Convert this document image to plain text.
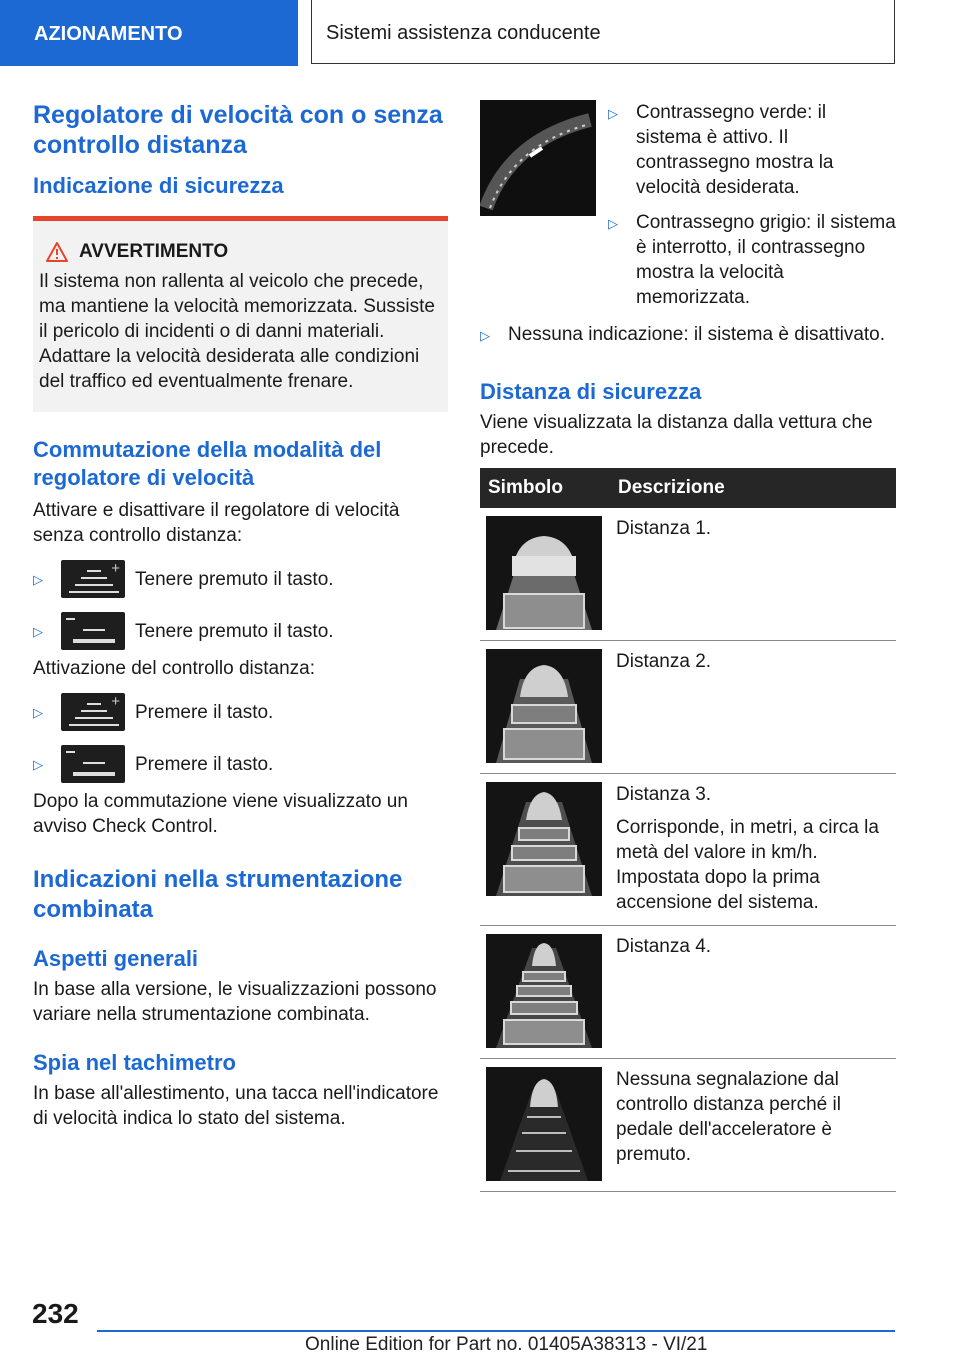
AZIONAMENTO	Sistemi assistenza conducente
Regolatore di velocità con o senza controllo distanza
Indicazione di sicurezza
AVVERTIMENTO

Il sistema non rallenta al veicolo che precede, ma mantiene la velocità memorizzata. Sussiste il pericolo di incidenti o di danni materiali. Adattare la velocità desiderata alle condizioni del traffico ed eventualmente frenare.

Commutazione della modalità del regolatore di velocità

Attivare e disattivare il regolatore di velocità senza controllo distanza:

▷
+ Tenere premuto il tasto.
▷	Tenere premuto il tasto.

Attivazione del controllo distanza:

▷
+ Premere il tasto.
▷	Premere il tasto.

Dopo la commutazione viene visualizzato un avviso Check Control.

Indicazioni nella strumentazione combinata
Aspetti generali

In base alla versione, le visualizzazioni possono variare nella strumentazione combinata.

Spia nel tachimetro

In base all'allestimento, una tacca nell'indicatore di velocità indica lo stato del sistema.

▷ Contrassegno verde: il sistema è attivo. Il contrassegno mostra la velocità desiderata.
▷ Contrassegno grigio: il sistema è interrotto, il contrassegno mostra la velocità memorizzata.
▷ Nessuna indicazione: il sistema è disattivato.
Distanza di sicurezza

Viene visualizzata la distanza dalla vettura che precede.

Simbolo	Descrizione

Distanza 1.

Distanza 2.

Distanza 3.
Corrisponde, in metri, a circa la metà del valore in km/h. Impostata dopo la prima accensione del sistema.

Distanza 4.

Nessuna segnalazione dal controllo distanza perché il pedale dell'acceleratore è premuto.
232
Online Edition for Part no. 01405A38313 - VI/21
